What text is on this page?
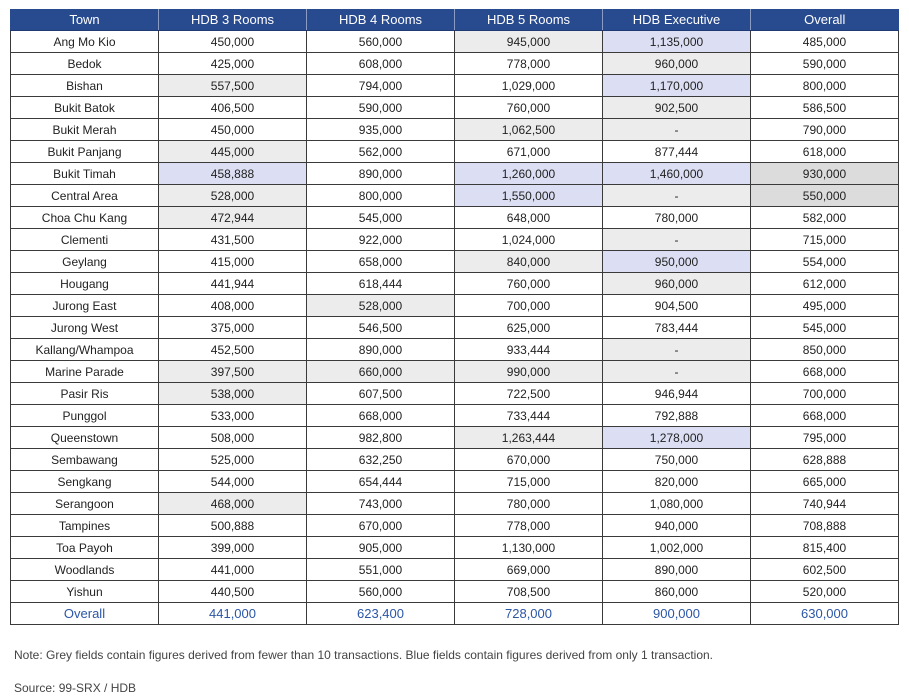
Town	HDB 3 Rooms	HDB 4 Rooms	HDB 5 Rooms	HDB Executive	Overall
Ang Mo Kio	450,000	560,000	945,000	1,135,000	485,000
Bedok	425,000	608,000	778,000	960,000	590,000
Bishan	557,500	794,000	1,029,000	1,170,000	800,000
Bukit Batok	406,500	590,000	760,000	902,500	586,500
Bukit Merah	450,000	935,000	1,062,500	-	790,000
Bukit Panjang	445,000	562,000	671,000	877,444	618,000
Bukit Timah	458,888	890,000	1,260,000	1,460,000	930,000
Central Area	528,000	800,000	1,550,000	-	550,000
Choa Chu Kang	472,944	545,000	648,000	780,000	582,000
Clementi	431,500	922,000	1,024,000	-	715,000
Geylang	415,000	658,000	840,000	950,000	554,000
Hougang	441,944	618,444	760,000	960,000	612,000
Jurong East	408,000	528,000	700,000	904,500	495,000
Jurong West	375,000	546,500	625,000	783,444	545,000
Kallang/Whampoa	452,500	890,000	933,444	-	850,000
Marine Parade	397,500	660,000	990,000	-	668,000
Pasir Ris	538,000	607,500	722,500	946,944	700,000
Punggol	533,000	668,000	733,444	792,888	668,000
Queenstown	508,000	982,800	1,263,444	1,278,000	795,000
Sembawang	525,000	632,250	670,000	750,000	628,888
Sengkang	544,000	654,444	715,000	820,000	665,000
Serangoon	468,000	743,000	780,000	1,080,000	740,944
Tampines	500,888	670,000	778,000	940,000	708,888
Toa Payoh	399,000	905,000	1,130,000	1,002,000	815,400
Woodlands	441,000	551,000	669,000	890,000	602,500
Yishun	440,500	560,000	708,500	860,000	520,000
Overall	441,000	623,400	728,000	900,000	630,000
Note: Grey fields contain figures derived from fewer than 10 transactions. Blue fields contain figures derived from only 1 transaction.
Source: 99-SRX / HDB
